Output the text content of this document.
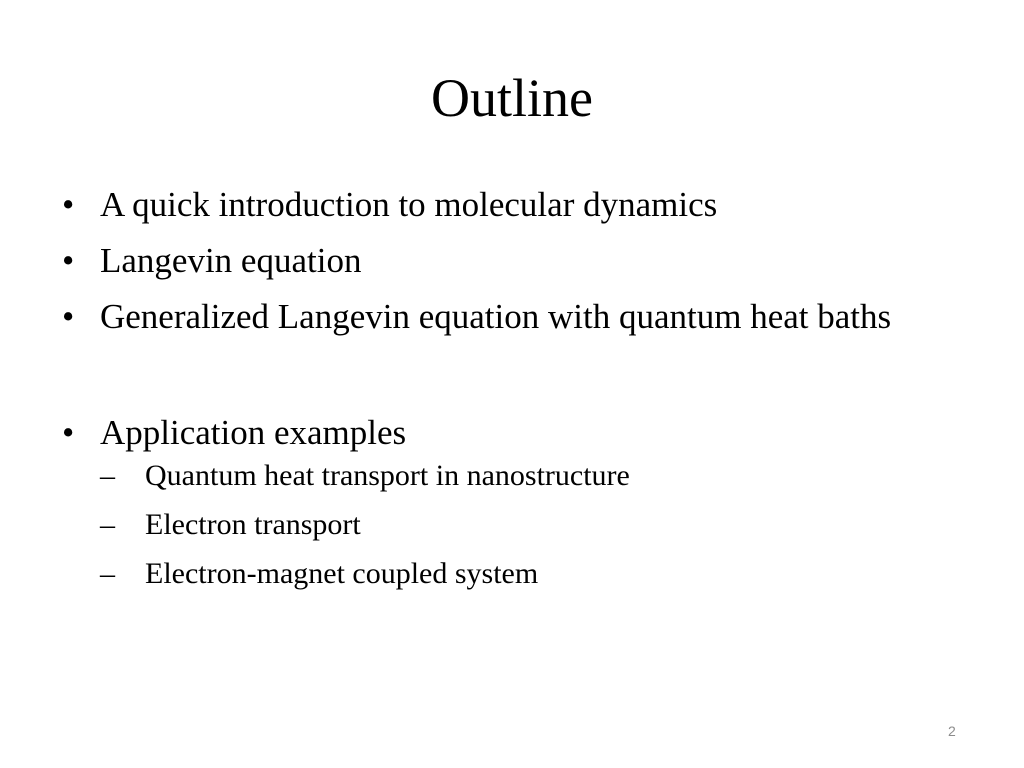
Outline
• A quick introduction to molecular dynamics
• Langevin equation
• Generalized Langevin equation with quantum heat baths
• Application examples
– Quantum heat transport in nanostructure
– Electron transport
– Electron-magnet coupled system
2
